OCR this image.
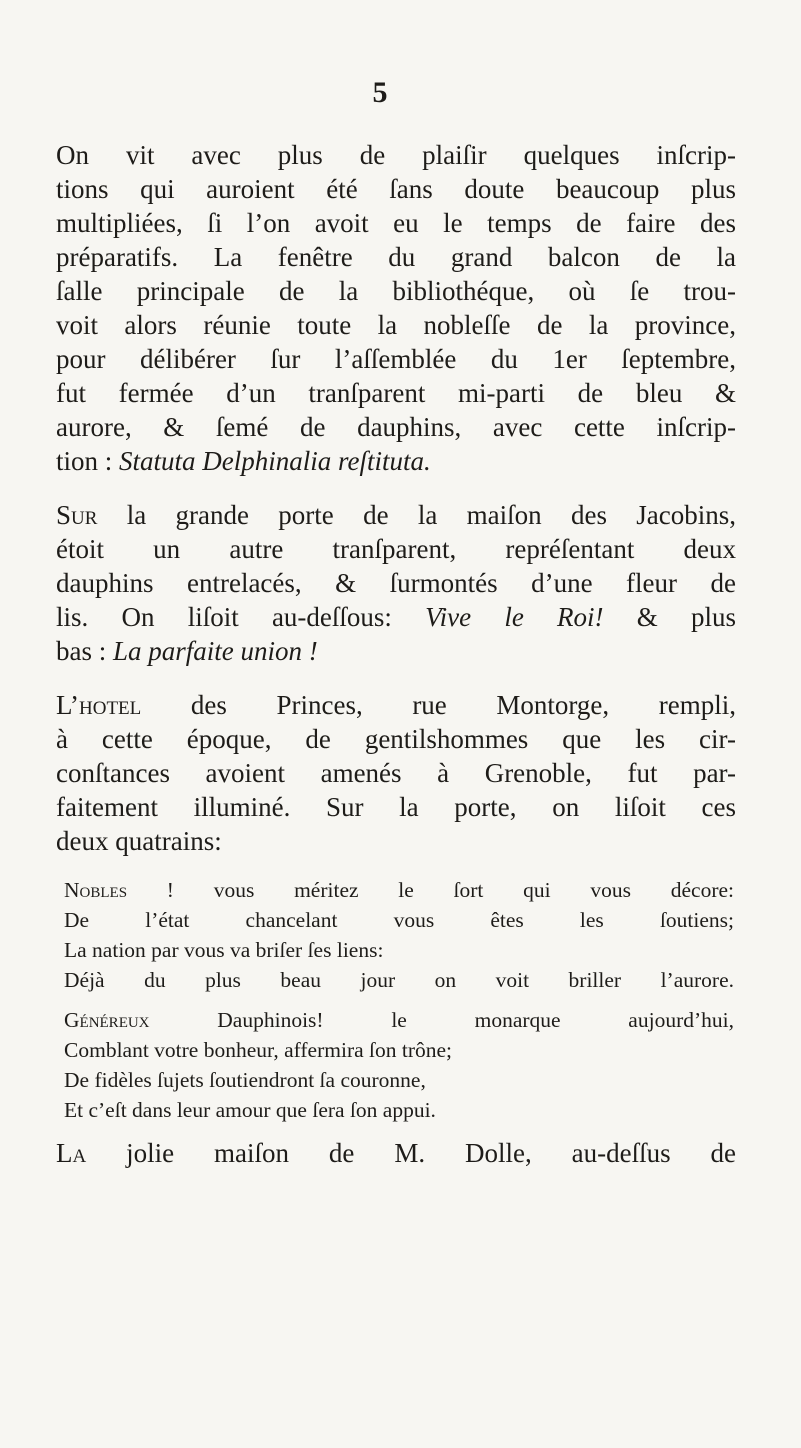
5
On vit avec plus de plaiſir quelques inſcrip-
tions qui auroient été ſans doute beaucoup plus
multipliées, ſi l’on avoit eu le temps de faire des
préparatifs. La fenêtre du grand balcon de la
ſalle principale de la bibliothéque, où ſe trou-
voit alors réunie toute la nobleſſe de la province,
pour délibérer ſur l’aſſemblée du 1er ſeptembre,
fut fermée d’un tranſparent mi-parti de bleu &
aurore, & ſemé de dauphins, avec cette inſcrip-
tion : Statuta Delphinalia reſtituta.
Sur la grande porte de la maiſon des Jacobins,
étoit un autre tranſparent, repréſentant deux
dauphins entrelacés, & ſurmontés d’une fleur de
lis. On liſoit au-deſſous: Vive le Roi! & plus
bas : La parfaite union !
L’hotel des Princes, rue Montorge, rempli,
à cette époque, de gentilshommes que les cir-
conſtances avoient amenés à Grenoble, fut par-
faitement illuminé. Sur la porte, on liſoit ces
deux quatrains:
Nobles ! vous méritez le ſort qui vous décore:
De l’état chancelant vous êtes les ſoutiens;
La nation par vous va briſer ſes liens:
Déjà du plus beau jour on voit briller l’aurore.
Généreux Dauphinois! le monarque aujourd’hui,
Comblant votre bonheur, affermira ſon trône;
De fidèles ſujets ſoutiendront ſa couronne,
Et c’eſt dans leur amour que ſera ſon appui.
La jolie maiſon de M. Dolle, au-deſſus de
